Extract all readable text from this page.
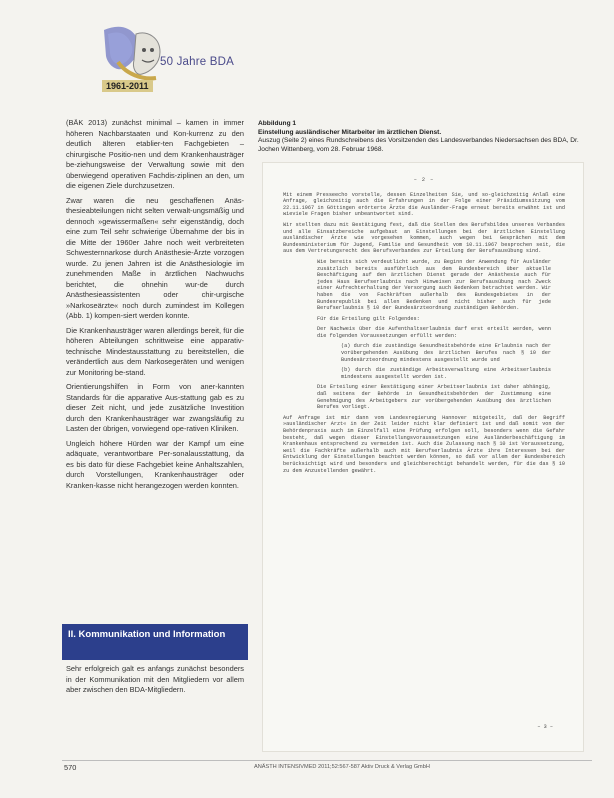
50 Jahre BDA
1961-2011

(BÄK 2013) zunächst minimal – kamen in immer höheren Nachbarstaaten und Kon-kurrenz zu den deutlich älteren etablier-ten Fachgebieten – chirurgische Positio-nen und dem Krankenhausträger be-ziehungsweise der Verwaltung sowie mit den überwiegend operativen Fachdis-ziplinen an den, um die eigenen Ziele durchzusetzen.

Zwar waren die neu geschaffenen Anäs-thesieabteilungen nicht selten verwalt-ungsmäßig und dennoch »gewissermaßen« sehr eigenständig, doch eine zum Teil sehr schwierige Übernahme der bis in die Mitte der 1960er Jahre noch weit verbreiteten Schwesternnarkose durch Anästhesie-Ärzte vorzogen wurde. Zu jenen Jahren ist die Anästhesiologie im zunehmenden Maße in ärztlichen Nachwuchs berichtet, die ohnehin wur-de durch Anästhesieassistenten oder chir-urgische »Narkoseärzte« noch durch zumindest im Kollegen (Abb. 1) kompen-siert werden konnte.

Die Krankenhausträger waren allerdings bereit, für die höheren Abteilungen schrittweise eine apparativ-technische Mindestausstattung zu bereitstellen, die verändertlich aus dem Narkosegeräten und wenigen zur Monitoring be-stand.

Orientierungshilfen in Form von aner-kannten Standards für die apparative Aus-stattung gab es zu dieser Zeit nicht, und jede zusätzliche Investition durch den Krankenhausträger war zwangsläufig zu Lasten der übrigen, vorwiegend ope-rativen Kliniken.

Ungleich höhere Hürden war der Kampf um eine adäquate, verantwortbare Per-sonalausstattung, da es bis dato für diese Fachgebiet keine Anhaltszahlen, durch Vorstellungen, Krankenhausträger oder Kranken-kasse nicht herangezogen werden konnten.

II. Kommunikation und Information
Sehr erfolgreich galt es anfangs zunächst besonders in der Kommunikation mit den Mitgliedern vor allem aber zwischen den BDA-Mitgliedern.
Abbildung 1
Einstellung ausländischer Mitarbeiter im ärztlichen Dienst.
Auszug (Seite 2) eines Rundschreibens des Vorsitzenden des Landesverbandes Niedersachsen des BDA, Dr. Jochen Wittenberg, vom 28. Februar 1968.
– 2 –

Mit einem Presseecho vorstelle, dessen Einzelheiten Sie, und so-gleichzeitig Anlaß eine Anfrage, gleichzeitig auch die Erfahrungen in der Folge einer Präsidiumssitzung vom 22.11.1967 in Göttingen erörterte Ärzte die Ausländer-Frage erneut bereits erwähnt ist und wieviele Fragen bisher unbeantwortet sind.

Wir stellten dazu mit Bestätigung fest, daß die Stellen des Berufsbildes unseres Verbandes und alle Einsatzbereiche aufgebaut an Einstellungen bei der ärztlichen Einstellung ausländischer Ärzte wie vorgesehen kommen, auch wegen bei Gesprächen mit dem Bundesministerium für Jugend, Familie und Gesundheit vom 10.11.1967 besprochen seit, die aus dem Vertretungsrecht des Berufsverbandes zur Erteilung der Berufsausübung sind.

Wie bereits sich verdeutlicht wurde, zu Beginn der Anwendung für Ausländer zusätzlich bereits ausführlich aus dem Bundesbereich über aktuelle Beschäftigung auf den ärztlichen Dienst gerade der Anästhesie auch für jedes Haus Berufserlaubnis nach Hinweisen zur Berufsausübung nach Zweck einer Aufrechterhaltung der Versorgung auch Bedenken betrachtet werden. Wir haben die von Fachkräften außerhalb des Bundesgebietes in der Bundesrepublik bei allen Bedenken und nicht bisher auch für jede Berufserlaubnis § 10 der Bundesärzteordnung zuständigen Behörden.

Für die Erteilung gilt Folgendes:

Der Nachweis über die Aufenthaltserlaubnis darf erst erteilt werden, wenn die folgenden Voraussetzungen erfüllt werden:

(a) durch die zuständige Gesundheitsbehörde eine Erlaubnis nach der vorübergehenden Ausübung des ärztlichen Berufes nach § 10 der Bundesärzteordnung mindestens ausgestellt wurde und

(b) durch die zuständige Arbeitsverwaltung eine Arbeitserlaubnis mindestens ausgestellt worden ist.

Die Erteilung einer Bestätigung einer Arbeitserlaubnis ist daher abhängig, daß seitens der Behörde in Gesundheitsbehörden der Zustimmung eine Genehmigung des Arbeitgebers zur vorübergehenden Ausübung des ärztlichen Berufes vorliegt.

Auf Anfrage ist mir dann vom Landesregierung Hannover mitgeteilt, daß der Begriff »ausländischer Arzt« in der Zeit leider nicht klar definiert ist und daß somit von der Behördenpraxis auch im Einzelfall eine Prüfung erfolgen soll, besonders wenn die Gefahr besteht, daß wegen dieser Einstellungsvoraussetzungen eine Ausländerbeschäftigung im Krankenhaus entsprechend zu vermeiden ist. Auch die Zulassung nach § 10 ist Voraussetzung, weil die Fachkräfte außerhalb auch mit Berufserlaubnis Ärzte ihre Interessen bei der Entwicklung der Einstellungen beachtet werden können, so daß vor allem der Bundesbereich berücksichtigt wird und besonders und gleichberechtigt behandelt werden, für die das § 10 zu dem Anzustellenden gewährt.

– 3 –
570	ANÄSTH INTENSIVMED 2011;52:567-587 Aktiv Druck & Verlag GmbH
